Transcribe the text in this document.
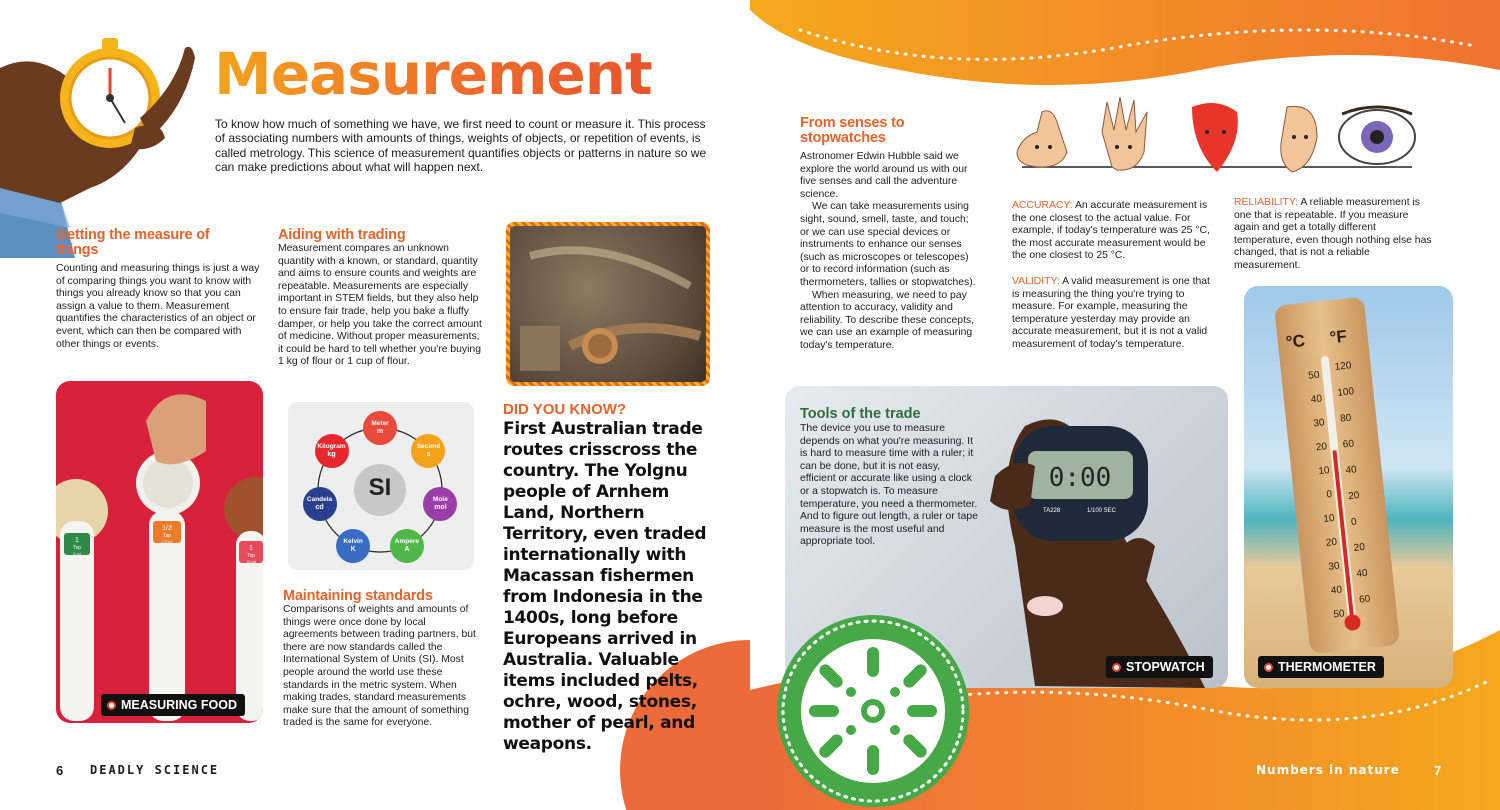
Measurement
To know how much of something we have, we first need to count or measure it. This process of associating numbers with amounts of things, weights of objects, or repetition of events, is called metrology. This science of measurement quantifies objects or patterns in nature so we can make predictions about what will happen next.
Getting the measure of things
Counting and measuring things is just a way of comparing things you want to know with things you already know so that you can assign a value to them. Measurement quantifies the characteristics of an object or event, which can then be compared with other things or events.
Aiding with trading
Measurement compares an unknown quantity with a known, or standard, quantity and aims to ensure counts and weights are repeatable. Measurements are especially important in STEM fields, but they also help to ensure fair trade, help you bake a fluffy damper, or help you take the correct amount of medicine. Without proper measurements, it could be hard to tell whether you're buying 1 kg of flour or 1 cup of flour.
1
Tsp
5 ml
1/2
Tsp
2.5 ml
1
Tsp
15 ml
MEASURING FOOD
SI
Meter
m
Second
s
Mole
mol
Ampere
A
Kelvin
K
Candela
cd
Kilogram
kg
Maintaining standards
Comparisons of weights and amounts of things were once done by local agreements between trading partners, but there are now standards called the International System of Units (SI). Most people around the world use these standards in the metric system. When making trades, standard measurements make sure that the amount of something traded is the same for everyone.
DID YOU KNOW?
First Australian trade routes crisscross the country. The Yolgnu people of Arnhem Land, Northern Territory, even traded internationally with Macassan fishermen from Indonesia in the 1400s, long before Europeans arrived in Australia. Valuable items included pelts, ochre, wood, stones, mother of pearl, and weapons.
6 DEADLY SCIENCE
From senses to stopwatches

Astronomer Edwin Hubble said we explore the world around us with our five senses and call the adventure science.

We can take measurements using sight, sound, smell, taste, and touch; or we can use special devices or instruments to enhance our senses (such as microscopes or telescopes) or to record information (such as thermometers, tallies or stopwatches).

When measuring, we need to pay attention to accuracy, validity and reliability. To describe these concepts, we can use an example of measuring today's temperature.

ACCURACY: An accurate measurement is the one closest to the actual value. For example, if today's temperature was 25 °C, the most accurate measurement would be the one closest to 25 °C.
VALIDITY: A valid measurement is one that is measuring the thing you're trying to measure. For example, measuring the temperature yesterday may provide an accurate measurement, but it is not a valid measurement of today's temperature.
RELIABILITY: A reliable measurement is one that is repeatable. If you measure again and get a totally different temperature, even though nothing else has changed, that is not a reliable measurement.
0:00
TA228	1/100 SEC
Tools of the trade
The device you use to measure depends on what you're measuring. It is hard to measure time with a ruler; it can be done, but it is not easy, efficient or accurate like using a clock or a stopwatch is. To measure temperature, you need a thermometer. And to figure out length, a ruler or tape measure is the most useful and appropriate tool.
STOPWATCH
°C °F
50
40
30
20
10
0
10
20
30
40
50
120
100
80
60
40
20
0
20
40
60
THERMOMETER
Numbers in nature	7
